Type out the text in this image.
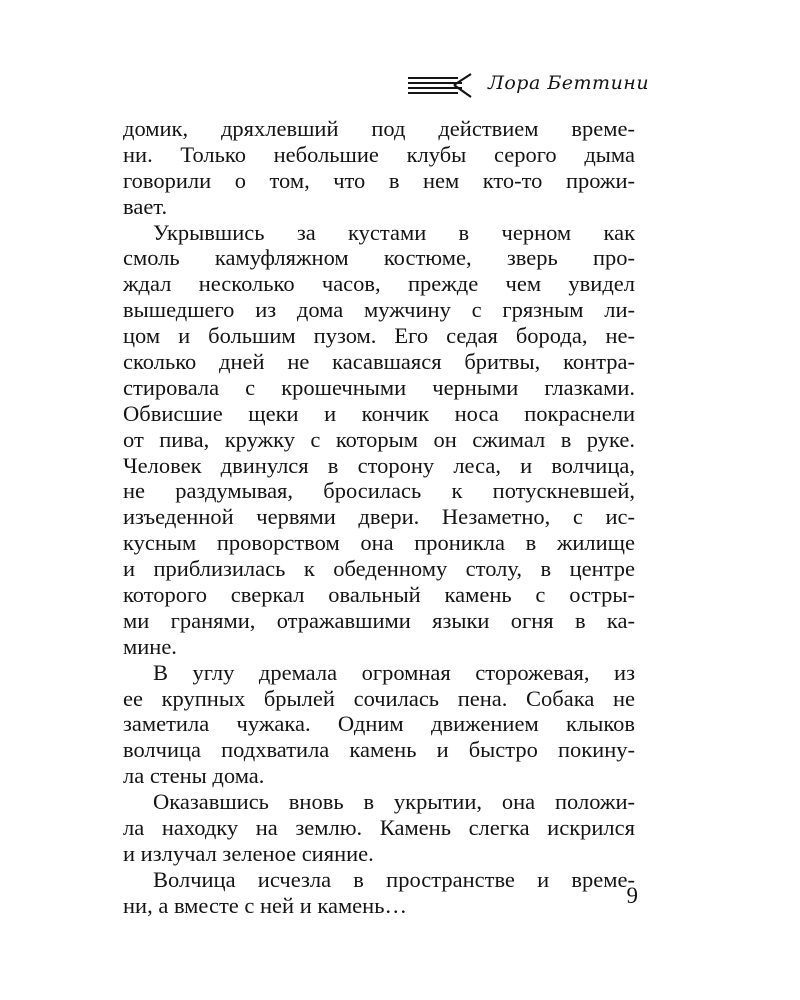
Лора Беттини
домик, дряхлевший под действием време-
ни. Только небольшие клубы серого дыма
говорили о том, что в нем кто-то прожи-
вает.
Укрывшись за кустами в черном как
смоль камуфляжном костюме, зверь про-
ждал несколько часов, прежде чем увидел
вышедшего из дома мужчину с грязным ли-
цом и большим пузом. Его седая борода, не-
сколько дней не касавшаяся бритвы, контра-
стировала с крошечными черными глазками.
Обвисшие щеки и кончик носа покраснели
от пива, кружку с которым он сжимал в руке.
Человек двинулся в сторону леса, и волчица,
не раздумывая, бросилась к потускневшей,
изъеденной червями двери. Незаметно, с ис-
кусным проворством она проникла в жилище
и приблизилась к обеденному столу, в центре
которого сверкал овальный камень с остры-
ми гранями, отражавшими языки огня в ка-
мине.
В углу дремала огромная сторожевая, из
ее крупных брылей сочилась пена. Собака не
заметила чужака. Одним движением клыков
волчица подхватила камень и быстро покину-
ла стены дома.
Оказавшись вновь в укрытии, она положи-
ла находку на землю. Камень слегка искрился
и излучал зеленое сияние.
Волчица исчезла в пространстве и време-
ни, а вместе с ней и камень…	9
